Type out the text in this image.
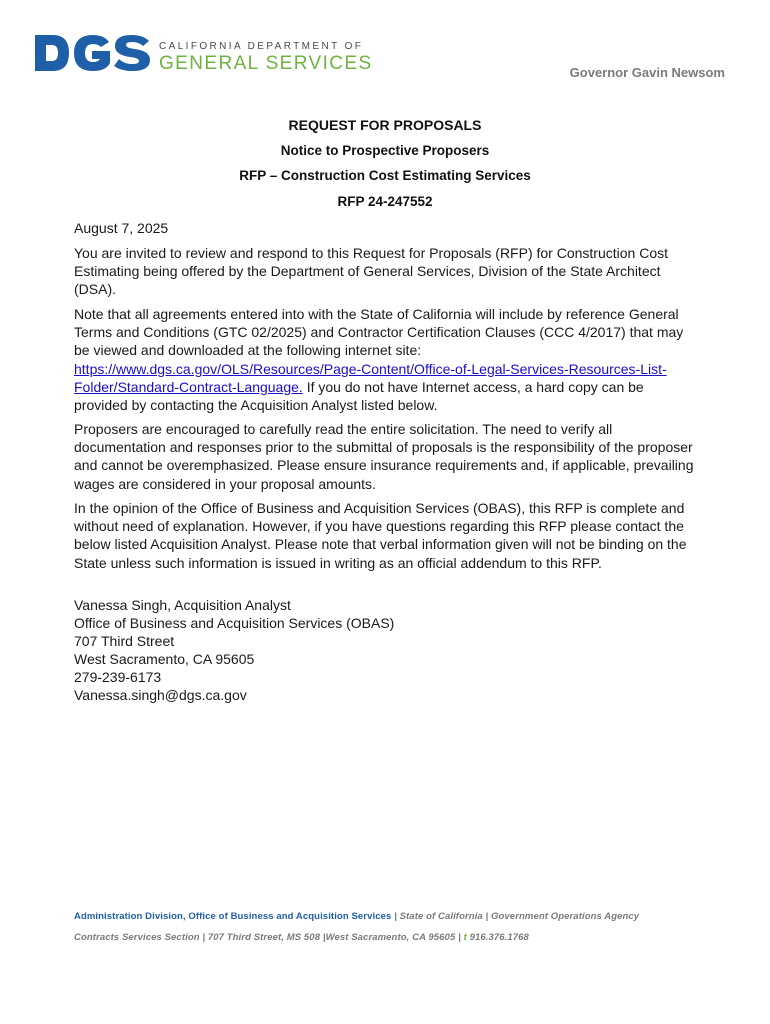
CALIFORNIA DEPARTMENT OF
GENERAL SERVICES	Governor Gavin Newsom
REQUEST FOR PROPOSALS
Notice to Prospective Proposers
RFP – Construction Cost Estimating Services
RFP 24-247552
August 7, 2025
You are invited to review and respond to this Request for Proposals (RFP) for Construction Cost Estimating being offered by the Department of General Services, Division of the State Architect (DSA).
Note that all agreements entered into with the State of California will include by reference General Terms and Conditions (GTC 02/2025) and Contractor Certification Clauses (CCC 4/2017) that may be viewed and downloaded at the following internet site: https://www.dgs.ca.gov/OLS/Resources/Page-Content/Office-of-Legal-Services-Resources-List-Folder/Standard-Contract-Language. If you do not have Internet access, a hard copy can be provided by contacting the Acquisition Analyst listed below.
Proposers are encouraged to carefully read the entire solicitation. The need to verify all documentation and responses prior to the submittal of proposals is the responsibility of the proposer and cannot be overemphasized. Please ensure insurance requirements and, if applicable, prevailing wages are considered in your proposal amounts.
In the opinion of the Office of Business and Acquisition Services (OBAS), this RFP is complete and without need of explanation. However, if you have questions regarding this RFP please contact the below listed Acquisition Analyst. Please note that verbal information given will not be binding on the State unless such information is issued in writing as an official addendum to this RFP.
Vanessa Singh, Acquisition Analyst
Office of Business and Acquisition Services (OBAS)
707 Third Street
West Sacramento, CA 95605
279-239-6173
Vanessa.singh@dgs.ca.gov
Administration Division, Office of Business and Acquisition Services | State of California | Government Operations Agency
Contracts Services Section | 707 Third Street, MS 508 |West Sacramento, CA 95605 | t 916.376.1768
